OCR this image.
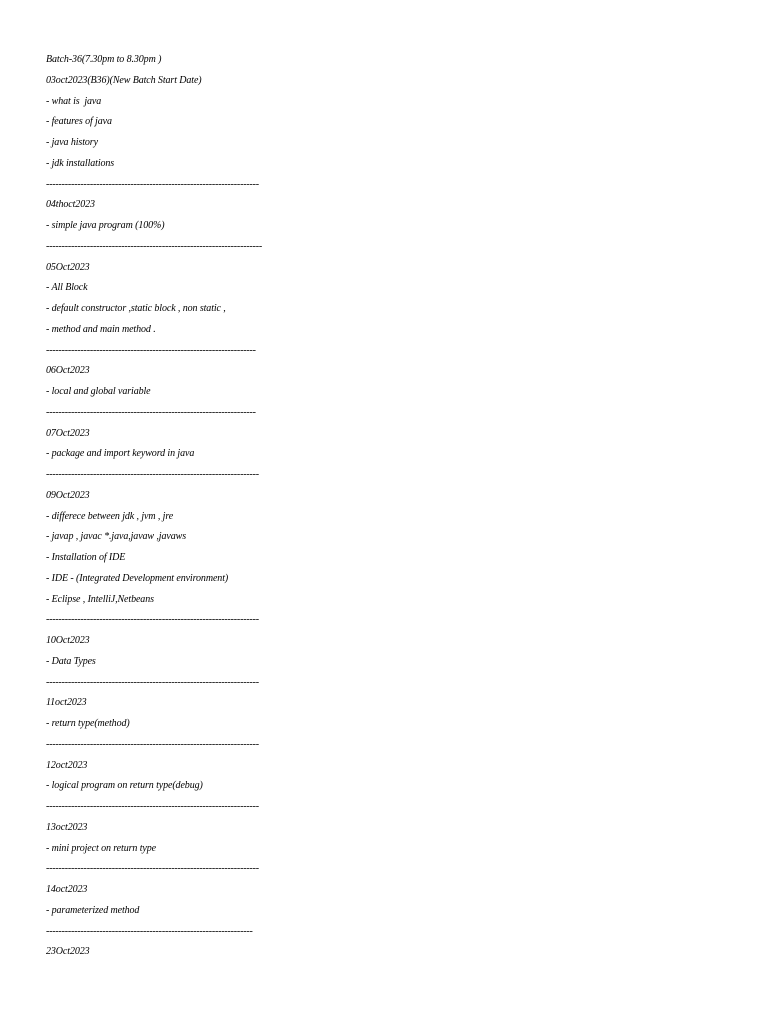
Batch-36(7.30pm to 8.30pm )
03oct2023(B36)(New Batch Start Date)
- what is  java
- features of java
- java history
- jdk installations
--------------------------------------------------------------------
04thoct2023
- simple java program (100%)
---------------------------------------------------------------------
05Oct2023
- All Block
- default constructor ,static block , non static ,
- method and main method .
-------------------------------------------------------------------
06Oct2023
- local and global variable
-------------------------------------------------------------------
07Oct2023
- package and import keyword in java
--------------------------------------------------------------------
09Oct2023
- differece between jdk , jvm , jre
- javap , javac *.java,javaw ,javaws
- Installation of IDE
- IDE - (Integrated Development environment)
- Eclipse , IntelliJ,Netbeans
--------------------------------------------------------------------
10Oct2023
- Data Types
--------------------------------------------------------------------
11oct2023
- return type(method)
--------------------------------------------------------------------
12oct2023
- logical program on return type(debug)
--------------------------------------------------------------------
13oct2023
- mini project on return type
--------------------------------------------------------------------
14oct2023
- parameterized method
------------------------------------------------------------------
23Oct2023
